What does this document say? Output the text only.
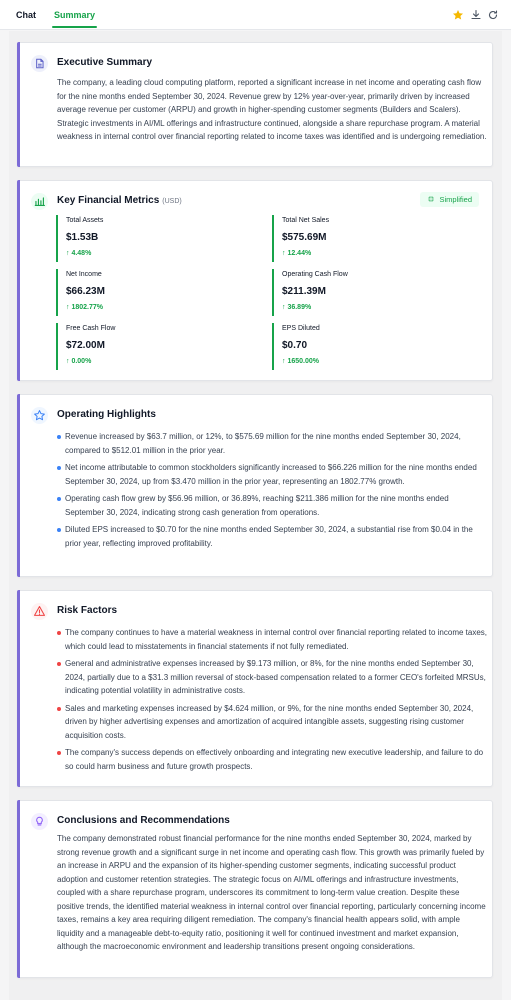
Chat Summary
Executive Summary
The company, a leading cloud computing platform, reported a significant increase in net income and operating cash flow for the nine months ended September 30, 2024. Revenue grew by 12% year-over-year, primarily driven by increased average revenue per customer (ARPU) and growth in higher-spending customer segments (Builders and Scalers). Strategic investments in AI/ML offerings and infrastructure continued, alongside a share repurchase program. A material weakness in internal control over financial reporting related to income taxes was identified and is undergoing remediation.
Key Financial Metrics (USD)	Simplified
Total Assets
$1.53B
↑ 4.48%
Total Net Sales
$575.69M
↑ 12.44%
Net Income
$66.23M
↑ 1802.77%
Operating Cash Flow
$211.39M
↑ 36.89%
Free Cash Flow
$72.00M
↑ 0.00%
EPS Diluted
$0.70
↑ 1650.00%
Operating Highlights
Revenue increased by $63.7 million, or 12%, to $575.69 million for the nine months ended September 30, 2024, compared to $512.01 million in the prior year.
Net income attributable to common stockholders significantly increased to $66.226 million for the nine months ended September 30, 2024, up from $3.470 million in the prior year, representing an 1802.77% growth.
Operating cash flow grew by $56.96 million, or 36.89%, reaching $211.386 million for the nine months ended September 30, 2024, indicating strong cash generation from operations.
Diluted EPS increased to $0.70 for the nine months ended September 30, 2024, a substantial rise from $0.04 in the prior year, reflecting improved profitability.
Risk Factors
The company continues to have a material weakness in internal control over financial reporting related to income taxes, which could lead to misstatements in financial statements if not fully remediated.
General and administrative expenses increased by $9.173 million, or 8%, for the nine months ended September 30, 2024, partially due to a $31.3 million reversal of stock-based compensation related to a former CEO's forfeited MRSUs, indicating potential volatility in administrative costs.
Sales and marketing expenses increased by $4.624 million, or 9%, for the nine months ended September 30, 2024, driven by higher advertising expenses and amortization of acquired intangible assets, suggesting rising customer acquisition costs.
The company's success depends on effectively onboarding and integrating new executive leadership, and failure to do so could harm business and future growth prospects.
Conclusions and Recommendations
The company demonstrated robust financial performance for the nine months ended September 30, 2024, marked by strong revenue growth and a significant surge in net income and operating cash flow. This growth was primarily fueled by an increase in ARPU and the expansion of its higher-spending customer segments, indicating successful product adoption and customer retention strategies. The strategic focus on AI/ML offerings and infrastructure investments, coupled with a share repurchase program, underscores its commitment to long-term value creation. Despite these positive trends, the identified material weakness in internal control over financial reporting, particularly concerning income taxes, remains a key area requiring diligent remediation. The company's financial health appears solid, with ample liquidity and a manageable debt-to-equity ratio, positioning it well for continued investment and market expansion, although the macroeconomic environment and leadership transitions present ongoing considerations.
